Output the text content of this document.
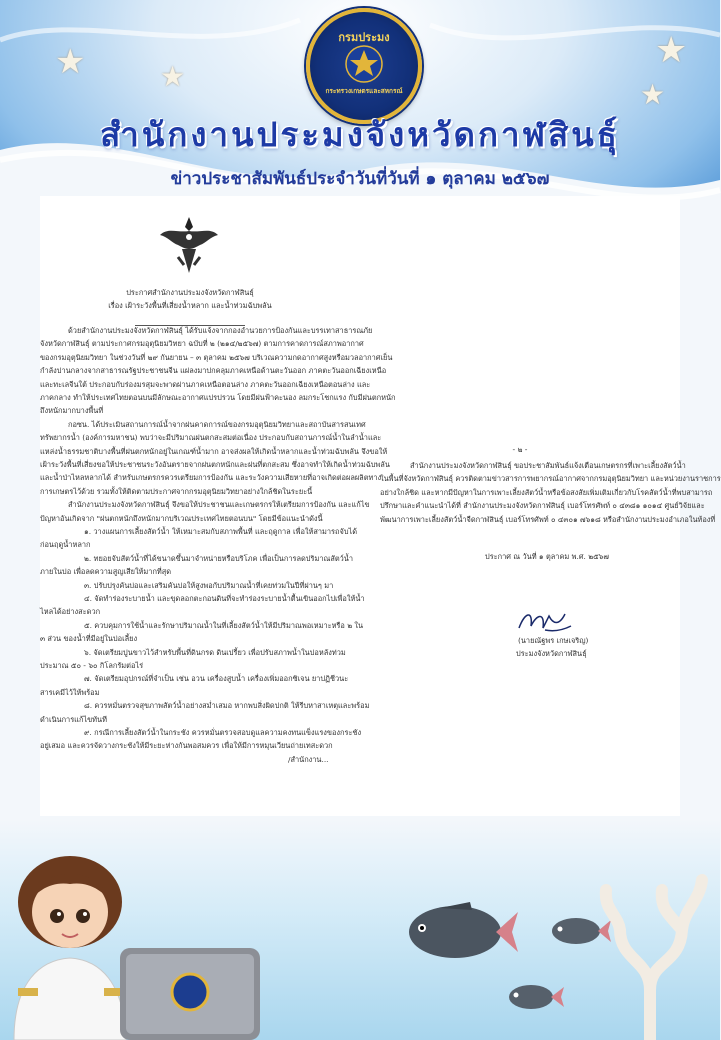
★	★
★
★
กรมประมง
กระทรวงเกษตรและสหกรณ์
สำนักงานประมงจังหวัดกาฬสินธุ์
ข่าวประชาสัมพันธ์ประจำวันที่วันที่ ๑ ตุลาคม ๒๕๖๗
ประกาศสำนักงานประมงจังหวัดกาฬสินธุ์
เรื่อง เฝ้าระวังพื้นที่เสี่ยงน้ำหลาก และน้ำท่วมฉับพลัน
ด้วยสำนักงานประมงจังหวัดกาฬสินธุ์ ได้รับแจ้งจากกองอำนวยการป้องกันและบรรเทาสาธารณภัย
จังหวัดกาฬสินธุ์ ตามประกาศกรมอุตุนิยมวิทยา ฉบับที่ ๒ (๒๑๔/๒๕๖๗) ตามการคาดการณ์สภาพอากาศ
ของกรมอุตุนิยมวิทยา ในช่วงวันที่ ๒๙ กันยายน – ๓ ตุลาคม ๒๕๖๗ บริเวณความกดอากาศสูงหรือมวลอากาศเย็น
กำลังปานกลางจากสาธารณรัฐประชาชนจีน แผ่ลงมาปกคลุมภาคเหนือด้านตะวันออก ภาคตะวันออกเฉียงเหนือ
และทะเลจีนใต้ ประกอบกับร่องมรสุมจะพาดผ่านภาคเหนือตอนล่าง ภาคตะวันออกเฉียงเหนือตอนล่าง และ
ภาคกลาง ทำให้ประเทศไทยตอนบนมีลักษณะอากาศแปรปรวน โดยมีฝนฟ้าคะนอง ลมกระโชกแรง กับมีฝนตกหนัก
ถึงหนักมากบางพื้นที่
กอซน. ได้ประเมินสถานการณ์น้ำจากฝนคาดการณ์ของกรมอุตุนิยมวิทยาและสถาบันสารสนเทศ
ทรัพยากรน้ำ (องค์การมหาชน) พบว่าจะมีปริมาณฝนตกสะสมต่อเนื่อง ประกอบกับสถานการณ์น้ำในลำน้ำและ
แหล่งน้ำธรรมชาติบางพื้นที่ฝนตกหนักอยู่ในเกณฑ์น้ำมาก อาจส่งผลให้เกิดน้ำหลากและน้ำท่วมฉับพลัน จึงขอให้
เฝ้าระวังพื้นที่เสี่ยงขอให้ประชาชนระวังอันตรายจากฝนตกหนักและฝนที่ตกสะสม ซึ่งอาจทำให้เกิดน้ำท่วมฉับพลัน
และน้ำป่าไหลหลากได้ สำหรับเกษตรกรควรเตรียมการป้องกัน และระวังความเสียหายที่อาจเกิดต่อผลผลิตทาง
การเกษตรไว้ด้วย รวมทั้งให้ติดตามประกาศจากกรมอุตุนิยมวิทยาอย่างใกล้ชิดในระยะนี้
สำนักงานประมงจังหวัดกาฬสินธุ์ จึงขอให้ประชาชนและเกษตรกรให้เตรียมการป้องกัน และแก้ไข
ปัญหาอันเกิดจาก "ฝนตกหนักถึงหนักมากบริเวณประเทศไทยตอนบน" โดยมีข้อแนะนำดังนี้
๑. วางแผนการเลี้ยงสัตว์น้ำ ให้เหมาะสมกับสภาพพื้นที่ และฤดูกาล เพื่อให้สามารถจับได้
ก่อนฤดูน้ำหลาก
๒. ทยอยจับสัตว์น้ำที่ได้ขนาดขึ้นมาจำหน่ายหรือบริโภค เพื่อเป็นการลดปริมาณสัตว์น้ำ
ภายในบ่อ เพื่อลดความสูญเสียให้มากที่สุด
๓. ปรับปรุงคันบ่อและเสริมคันบ่อให้สูงพอกับปริมาณน้ำที่เคยท่วมในปีที่ผ่านๆ มา
๔. จัดทำร่องระบายน้ำ และขุดลอกตะกอนดินที่จะทำร่องระบายน้ำตื้นเขินออกไปเพื่อให้น้ำ
ไหลได้อย่างสะดวก
๕. ควบคุมการใช้น้ำและรักษาปริมาณน้ำในที่เลี้ยงสัตว์น้ำให้มีปริมาณพอเหมาะหรือ ๒ ใน
๓ ส่วน ของน้ำที่มีอยู่ในบ่อเลี้ยง
๖. จัดเตรียมปูนขาวไว้สำหรับพื้นที่ดินกรด ดินเปรี้ยว เพื่อปรับสภาพน้ำในบ่อหลังท่วม
ประมาณ ๕๐ - ๖๐ กิโลกรัมต่อไร่
๗. จัดเตรียมอุปกรณ์ที่จำเป็น เช่น อวน เครื่องสูบน้ำ เครื่องเพิ่มออกซิเจน ยาปฏิชีวนะ
สารเคมีไว้ให้พร้อม
๘. ควรหมั่นตรวจสุขภาพสัตว์น้ำอย่างสม่ำเสมอ หากพบสิ่งผิดปกติ ให้รีบหาสาเหตุและพร้อม
ดำเนินการแก้ไขทันที
๙. กรณีการเลี้ยงสัตว์น้ำในกระชัง ควรหมั่นตรวจสอบดูแลความคงทนแข็งแรงของกระชัง
อยู่เสมอ และควรจัดวางกระชังให้มีระยะห่างกันพอสมควร เพื่อให้มีการหมุนเวียนถ่ายเทสะดวก
/สำนักงาน...
- ๒ -
สำนักงานประมงจังหวัดกาฬสินธุ์ ขอประชาสัมพันธ์แจ้งเตือนเกษตรกรที่เพาะเลี้ยงสัตว์น้ำ
ในพื้นที่จังหวัดกาฬสินธุ์ ควรติดตามข่าวสารการพยากรณ์อากาศจากกรมอุตุนิยมวิทยา และหน่วยงานราชการ
อย่างใกล้ชิด และหากมีปัญหาในการเพาะเลี้ยงสัตว์น้ำหรือข้อสงสัยเพิ่มเติมเกี่ยวกับโรคสัตว์น้ำที่พบสามารถ
ปรึกษาและคำแนะนำได้ที่ สำนักงานประมงจังหวัดกาฬสินธุ์ เบอร์โทรศัพท์ ๐ ๔๓๘๑ ๑๐๑๔ ศูนย์วิจัยและ
พัฒนาการเพาะเลี้ยงสัตว์น้ำจืดกาฬสินธุ์ เบอร์โทรศัพท์ ๐ ๔๓๐๑ ๗๖๑๘ หรือสำนักงานประมงอำเภอในท้องที่
ประกาศ ณ วันที่ ๑ ตุลาคม พ.ศ. ๒๕๖๗
(นายณัฐพร เกษเจริญ)
ประมงจังหวัดกาฬสินธุ์
